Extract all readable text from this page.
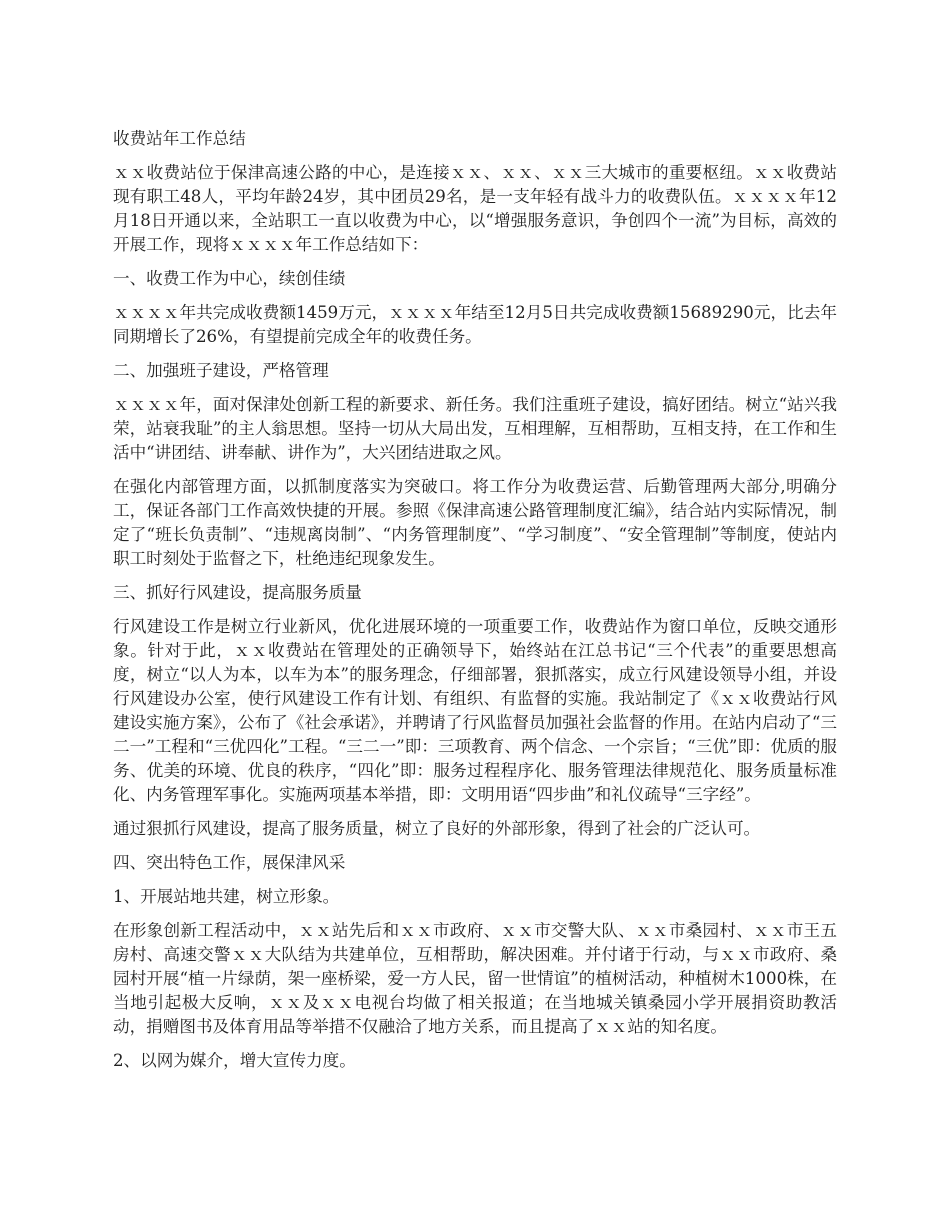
收费站年工作总结

ｘｘ收费站位于保津高速公路的中心，是连接ｘｘ、ｘｘ、ｘｘ三大城市的重要枢纽。ｘｘ收费站现有职工48人，平均年龄24岁，其中团员29名，是一支年轻有战斗力的收费队伍。ｘｘｘｘ年12月18日开通以来，全站职工一直以收费为中心，以“增强服务意识，争创四个一流”为目标，高效的开展工作，现将ｘｘｘｘ年工作总结如下：

一、收费工作为中心，续创佳绩

ｘｘｘｘ年共完成收费额1459万元，ｘｘｘｘ年结至12月5日共完成收费额15689290元，比去年同期增长了26%，有望提前完成全年的收费任务。

二、加强班子建设，严格管理

ｘｘｘｘ年，面对保津处创新工程的新要求、新任务。我们注重班子建设，搞好团结。树立“站兴我荣，站衰我耻”的主人翁思想。坚持一切从大局出发，互相理解，互相帮助，互相支持，在工作和生活中“讲团结、讲奉献、讲作为”，大兴团结进取之风。

在强化内部管理方面，以抓制度落实为突破口。将工作分为收费运营、后勤管理两大部分,明确分工，保证各部门工作高效快捷的开展。参照《保津高速公路管理制度汇编》，结合站内实际情况，制定了“班长负责制”、“违规离岗制”、“内务管理制度”、“学习制度”、“安全管理制”等制度，使站内职工时刻处于监督之下，杜绝违纪现象发生。

三、抓好行风建设，提高服务质量

行风建设工作是树立行业新风，优化进展环境的一项重要工作，收费站作为窗口单位，反映交通形象。针对于此，ｘｘ收费站在管理处的正确领导下，始终站在江总书记“三个代表”的重要思想高度，树立“以人为本，以车为本”的服务理念，仔细部署，狠抓落实，成立行风建设领导小组，并设行风建设办公室，使行风建设工作有计划、有组织、有监督的实施。我站制定了《ｘｘ收费站行风建设实施方案》，公布了《社会承诺》，并聘请了行风监督员加强社会监督的作用。在站内启动了“三二一”工程和“三优四化”工程。“三二一”即：三项教育、两个信念、一个宗旨；“三优”即：优质的服务、优美的环境、优良的秩序，“四化”即：服务过程程序化、服务管理法律规范化、服务质量标准化、内务管理军事化。实施两项基本举措，即：文明用语“四步曲”和礼仪疏导“三字经”。

通过狠抓行风建设，提高了服务质量，树立了良好的外部形象，得到了社会的广泛认可。

四、突出特色工作，展保津风采
1、开展站地共建，树立形象。

在形象创新工程活动中，ｘｘ站先后和ｘｘ市政府、ｘｘ市交警大队、ｘｘ市桑园村、ｘｘ市王五房村、高速交警ｘｘ大队结为共建单位，互相帮助，解决困难。并付诸于行动，与ｘｘ市政府、桑园村开展“植一片绿荫，架一座桥梁，爱一方人民，留一世情谊”的植树活动，种植树木1000株，在当地引起极大反响，ｘｘ及ｘｘ电视台均做了相关报道；在当地城关镇桑园小学开展捐资助教活动，捐赠图书及体育用品等举措不仅融洽了地方关系，而且提高了ｘｘ站的知名度。

2、以网为媒介，增大宣传力度。
